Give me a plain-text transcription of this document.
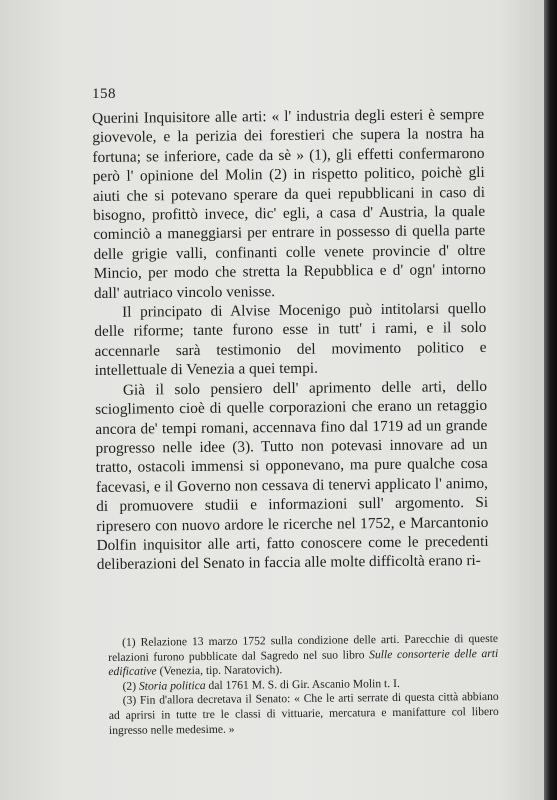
158

Querini Inquisitore alle arti: « l' industria degli esteri è sempre giovevole, e la perizia dei forestieri che supera la nostra ha fortuna; se inferiore, cade da sè » (1), gli effetti confermarono però l' opinione del Molin (2) in rispetto politico, poichè gli aiuti che si potevano sperare da quei repubblicani in caso di bisogno, profittò invece, dic' egli, a casa d' Austria, la quale cominciò a maneggiarsi per entrare in possesso di quella parte delle grigie valli, confinanti colle venete provincie d' oltre Mincio, per modo che stretta la Repubblica e d' ogn' intorno dall' autriaco vincolo venisse.

Il principato di Alvise Mocenigo può intitolarsi quello delle riforme; tante furono esse in tutt' i rami, e il solo accennarle sarà testimonio del movimento politico e intellettuale di Venezia a quei tempi.

Già il solo pensiero dell' aprimento delle arti, dello scioglimento cioè di quelle corporazioni che erano un retaggio ancora de' tempi romani, accennava fino dal 1719 ad un grande progresso nelle idee (3). Tutto non potevasi innovare ad un tratto, ostacoli immensi si opponevano, ma pure qualche cosa facevasi, e il Governo non cessava di tenervi applicato l' animo, di promuovere studii e informazioni sull' argomento. Si ripresero con nuovo ardore le ricerche nel 1752, e Marcantonio Dolfin inquisitor alle arti, fatto conoscere come le precedenti deliberazioni del Senato in faccia alle molte difficoltà erano ri-

(1) Relazione 13 marzo 1752 sulla condizione delle arti. Parecchie di queste relazioni furono pubblicate dal Sagredo nel suo libro Sulle consorterie delle arti edificative (Venezia, tip. Naratovich).

(2) Storia politica dal 1761 M. S. di Gir. Ascanio Molin t. I.

(3) Fin d'allora decretava il Senato: « Che le arti serrate di questa città abbiano ad aprirsi in tutte tre le classi di vittuarie, mercatura e manifatture col libero ingresso nelle medesime. »
